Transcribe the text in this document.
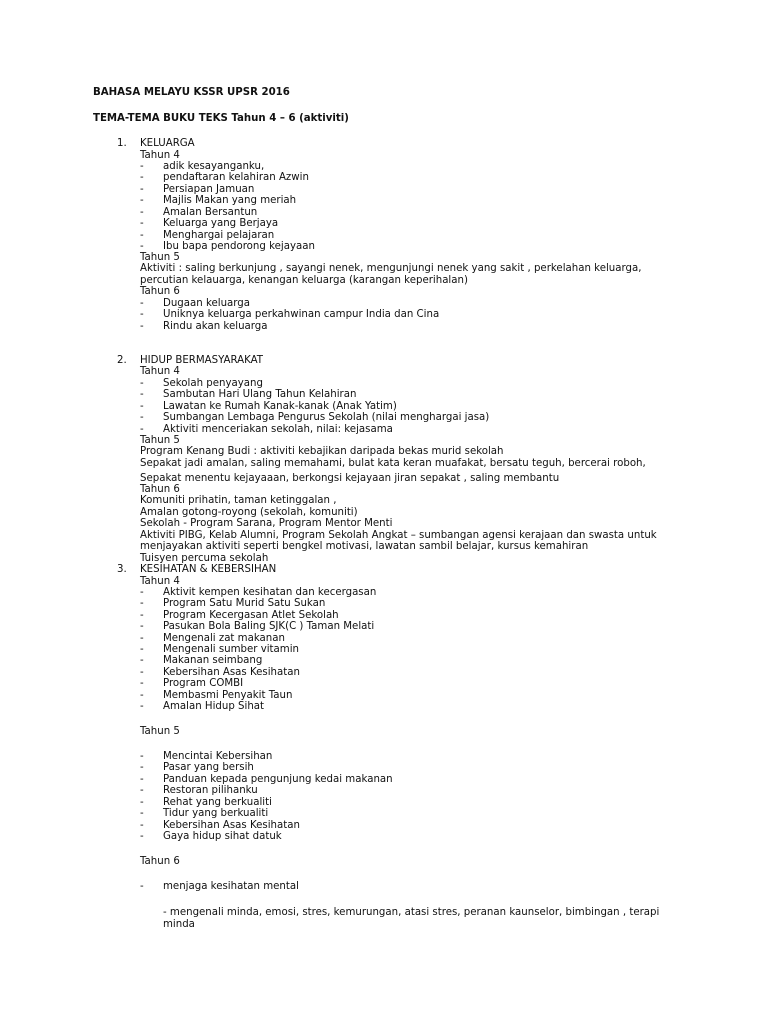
BAHASA MELAYU KSSR UPSR 2016
TEMA-TEMA BUKU TEKS Tahun 4 – 6 (aktiviti)
1. KELUARGA
Tahun 4
- adik kesayanganku,
- pendaftaran kelahiran Azwin
- Persiapan Jamuan
- Majlis Makan yang meriah
- Amalan Bersantun
- Keluarga yang Berjaya
- Menghargai pelajaran
- Ibu bapa pendorong kejayaan
Tahun 5
Aktiviti : saling berkunjung , sayangi nenek, mengunjungi nenek yang sakit , perkelahan keluarga,
percutian kelauarga, kenangan keluarga (karangan keperihalan)
Tahun 6
- Dugaan keluarga
- Uniknya keluarga perkahwinan campur India dan Cina
- Rindu akan keluarga
2. HIDUP BERMASYARAKAT
Tahun 4
- Sekolah penyayang
- Sambutan Hari Ulang Tahun Kelahiran
- Lawatan ke Rumah Kanak-kanak (Anak Yatim)
- Sumbangan Lembaga Pengurus Sekolah (nilai menghargai jasa)
- Aktiviti menceriakan sekolah, nilai: kejasama
Tahun 5
Program Kenang Budi : aktiviti kebajikan daripada bekas murid sekolah
Sepakat jadi amalan, saling memahami, bulat kata keran muafakat, bersatu teguh, bercerai roboh,
Sepakat menentu kejayaaan, berkongsi kejayaan jiran sepakat , saling membantu
Tahun 6
Komuniti prihatin, taman ketinggalan ,
Amalan gotong-royong (sekolah, komuniti)
Sekolah - Program Sarana, Program Mentor Menti
Aktiviti PIBG, Kelab Alumni, Program Sekolah Angkat – sumbangan agensi kerajaan dan swasta untuk
menjayakan aktiviti seperti bengkel motivasi, lawatan sambil belajar, kursus kemahiran
Tuisyen percuma sekolah
3. KESIHATAN & KEBERSIHAN
Tahun 4
- Aktivit kempen kesihatan dan kecergasan
- Program Satu Murid Satu Sukan
- Program Kecergasan Atlet Sekolah
- Pasukan Bola Baling SJK(C ) Taman Melati
- Mengenali zat makanan
- Mengenali sumber vitamin
- Makanan seimbang
- Kebersihan Asas Kesihatan
- Program COMBI
- Membasmi Penyakit Taun
- Amalan Hidup Sihat
Tahun 5
- Mencintai Kebersihan
- Pasar yang bersih
- Panduan kepada pengunjung kedai makanan
- Restoran pilihanku
- Rehat yang berkualiti
- Tidur yang berkualiti
- Kebersihan Asas Kesihatan
- Gaya hidup sihat datuk
Tahun 6
- menjaga kesihatan mental
- mengenali minda, emosi, stres, kemurungan, atasi stres, peranan kaunselor, bimbingan , terapi
minda
